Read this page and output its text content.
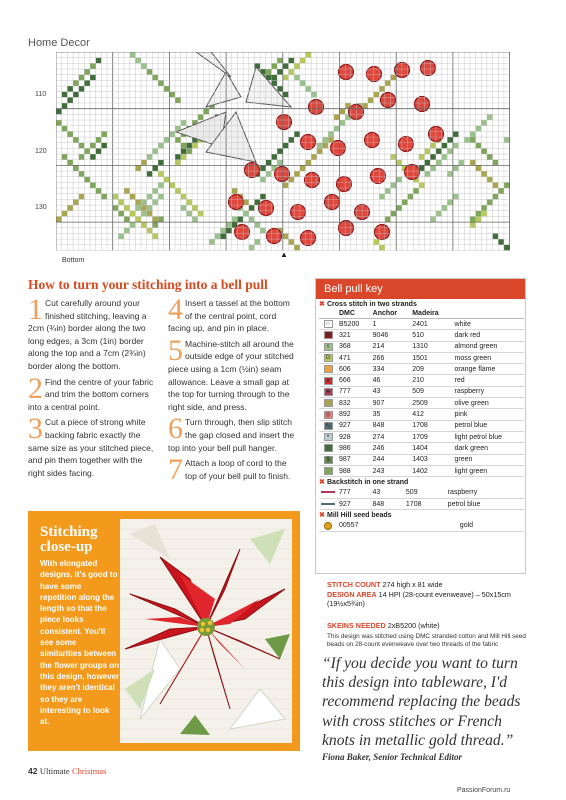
Home Decor
110
120
130
Bottom
▲
How to turn your stitching into a bell pull
1 Cut carefully around your finished stitching, leaving a 2cm (¾in) border along the two long edges, a 3cm (1in) border along the top and a 7cm (2¾in) border along the bottom.
2 Find the centre of your fabric and trim the bottom corners into a central point.
3 Cut a piece of strong white backing fabric exactly the same size as your stitched piece, and pin them together with the right sides facing.
4 Insert a tassel at the bottom of the central point, cord facing up, and pin in place.
5 Machine-stitch all around the outside edge of your stitched piece using a 1cm (½in) seam allowance. Leave a small gap at the top for turning through to the right side, and press.
6 Turn through, then slip stitch the gap closed and insert the top into your bell pull hanger.
7 Attach a loop of cord to the top of your bell pull to finish.
Stitching close-up
With elongated designs, it's good to have some repetition along the length so that the piece looks consistent. You'll see some similarities between the flower groups on this design, however they aren't identical so they are interesting to look at.
Bell pull key
✖ Cross stitch in two strands
	DMC	Anchor	Madeira	
∩	B5200	1	2401	white
♥	321	9046	510	dark red
◊	368	214	1310	almond green
G	471	266	1501	moss green
	606	334	209	orange flame
●	666	46	210	red
♣	777	43	509	raspberry
	832	907	2509	olive green
◎	892	35	412	pink
↖	927	848	1708	petrol blue
•	928	274	1709	light petrol blue
	986	246	1404	dark green
$	987	244	1403	green
	988	243	1402	light green
✖ Backstitch in one strand
	777	43	509	raspberry
	927	848	1708	petrol blue
✖ Mill Hill seed beads
	00557			gold
STITCH COUNT 274 high x 81 wide
DESIGN AREA 14 HPI (28-count evenweave) – 50x15cm (19½x5¾in)
SKEINS NEEDED 2xB5200 (white)
This design was stitched using DMC stranded cotton and Mill Hill seed beads on 28-count evenweave over two threads of the fabric
“If you decide you want to turn this design into tableware, I'd recommend replacing the beads with cross stitches or French knots in metallic gold thread.”
Fiona Baker, Senior Technical Editor
42 Ultimate Christmas
PassionForum.ru
